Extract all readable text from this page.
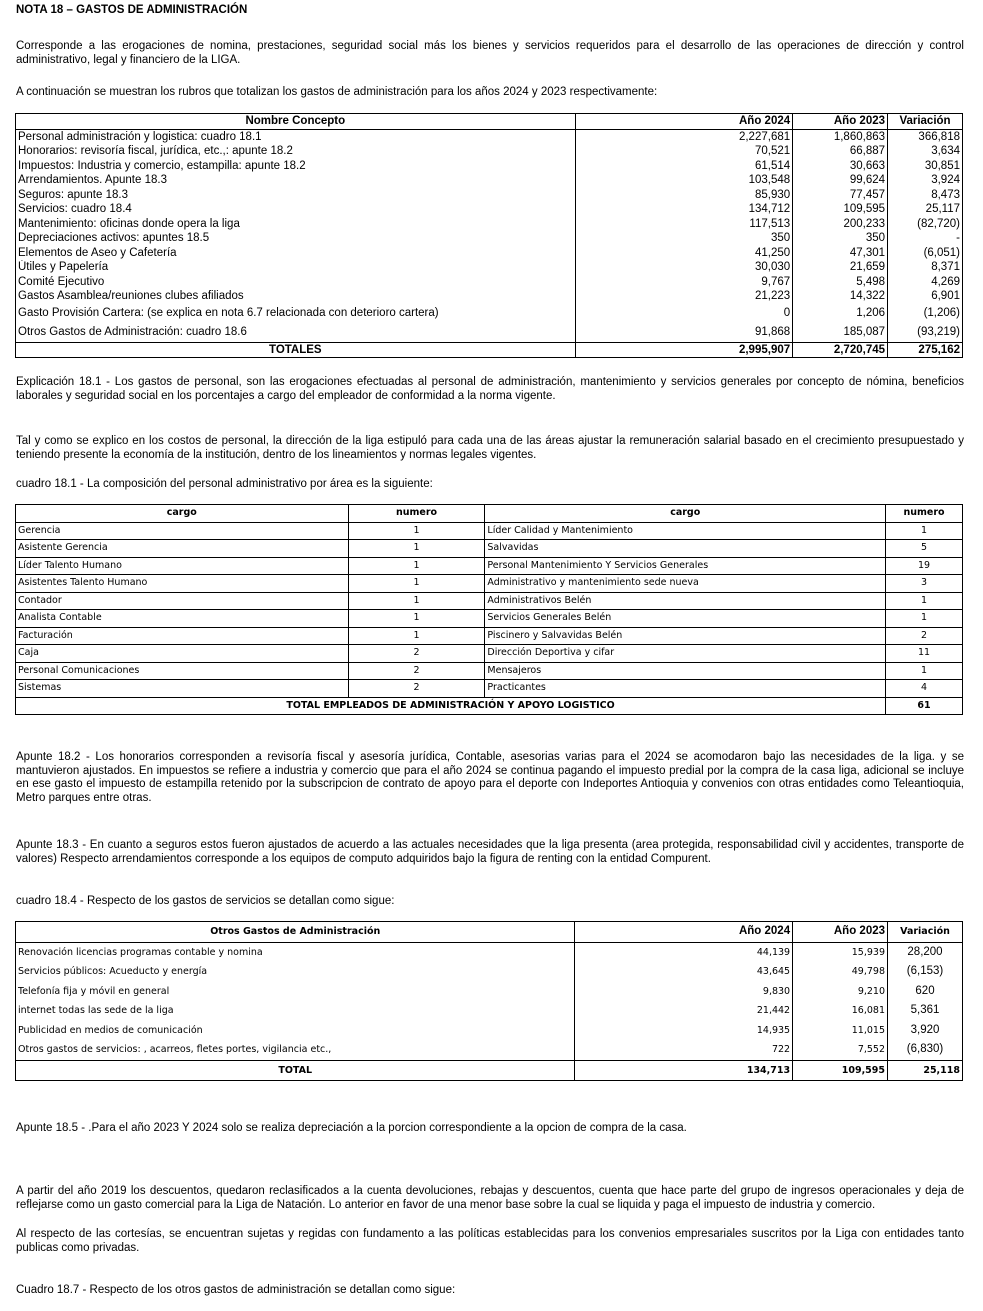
NOTA 18 – GASTOS DE ADMINISTRACIÓN
Corresponde a las erogaciones de nomina, prestaciones, seguridad social más los bienes y servicios requeridos para el desarrollo de las operaciones de dirección y control administrativo, legal y financiero de la LIGA.
A continuación se muestran los rubros que totalizan los gastos de administración para los años 2024 y 2023 respectivamente:
Nombre Concepto	Año 2024	Año 2023	Variación
Personal administración y logistica: cuadro 18.1	2,227,681	1,860,863	366,818
Honorarios: revisoría fiscal, jurídica, etc.,: apunte 18.2	70,521	66,887	3,634
Impuestos: Industria y comercio, estampilla: apunte 18.2	61,514	30,663	30,851
Arrendamientos. Apunte 18.3	103,548	99,624	3,924
Seguros: apunte 18.3	85,930	77,457	8,473
Servicios: cuadro 18.4	134,712	109,595	25,117
Mantenimiento: oficinas donde opera la liga	117,513	200,233	(82,720)
Depreciaciones activos: apuntes 18.5	350	350	-
Elementos de Aseo y Cafetería	41,250	47,301	(6,051)
Útiles y Papelería	30,030	21,659	8,371
Comité Ejecutivo	9,767	5,498	4,269
Gastos Asamblea/reuniones clubes afiliados	21,223	14,322	6,901
Gasto Provisión Cartera: (se explica en nota 6.7 relacionada con deterioro cartera)	0	1,206	(1,206)
Otros Gastos de Administración: cuadro 18.6	91,868	185,087	(93,219)
TOTALES	2,995,907	2,720,745	275,162
Explicación 18.1 - Los gastos de personal, son las erogaciones efectuadas al personal de administración, mantenimiento y servicios generales por concepto de nómina, beneficios laborales y seguridad social en los porcentajes a cargo del empleador de conformidad a la norma vigente.
Tal y como se explico en los costos de personal, la dirección de la liga estipuló para cada una de las áreas ajustar la remuneración salarial basado en el crecimiento presupuestado y teniendo presente la economía de la institución, dentro de los lineamientos y normas legales vigentes.
cuadro 18.1 - La composición del personal administrativo por área es la siguiente:
cargo	numero	cargo	numero
Gerencia	1	Líder Calidad y Mantenimiento	1
Asistente Gerencia	1	Salvavidas	5
Líder Talento Humano	1	Personal Mantenimiento Y Servicios Generales	19
Asistentes Talento Humano	1	Administrativo y mantenimiento sede nueva	3
Contador	1	Administrativos Belén	1
Analista Contable	1	Servicios Generales Belén	1
Facturación	1	Piscinero y Salvavidas Belén	2
Caja	2	Dirección Deportiva y cifar	11
Personal Comunicaciones	2	Mensajeros	1
Sistemas	2	Practicantes	4
TOTAL EMPLEADOS DE ADMINISTRACIÓN Y APOYO LOGISTICO			61
Apunte 18.2 - Los honorarios corresponden a revisoría fiscal y asesoría jurídica, Contable, asesorias varias para el 2024 se acomodaron bajo las necesidades de la liga. y se mantuvieron ajustados. En impuestos se refiere a industria y comercio que para el año 2024 se continua pagando el impuesto predial por la compra de la casa liga, adicional se incluye en ese gasto el impuesto de estampilla retenido por la subscripcion de contrato de apoyo para el deporte con Indeportes Antioquia y convenios con otras entidades como Teleantioquia, Metro parques entre otras.
Apunte 18.3 - En cuanto a seguros estos fueron ajustados de acuerdo a las actuales necesidades que la liga presenta (area protegida, responsabilidad civil y accidentes, transporte de valores) Respecto arrendamientos corresponde a los equipos de computo adquiridos bajo la figura de renting con la entidad Compurent.
cuadro 18.4 - Respecto de los gastos de servicios se detallan como sigue:
Otros Gastos de Administración	Año 2024	Año 2023	Variación
Renovación licencias programas contable y nomina	44,139	15,939	28,200
Servicios públicos: Acueducto y energía	43,645	49,798	(6,153)
Telefonía fija y móvil en general	9,830	9,210	620
internet todas las sede de la liga	21,442	16,081	5,361
Publicidad en medios de comunicación	14,935	11,015	3,920
Otros gastos de servicios: , acarreos, fletes portes, vigilancia etc.,	722	7,552	(6,830)
TOTAL	134,713	109,595	25,118
Apunte 18.5 - .Para el año 2023 Y 2024 solo se realiza depreciación a la porcion correspondiente a la opcion de compra de la casa.
A partir del año 2019 los descuentos, quedaron reclasificados a la cuenta devoluciones, rebajas y descuentos, cuenta que hace parte del grupo de ingresos operacionales y deja de reflejarse como un gasto comercial para la Liga de Natación. Lo anterior en favor de una menor base sobre la cual se liquida y paga el impuesto de industria y comercio.
Al respecto de las cortesías, se encuentran sujetas y regidas con fundamento a las políticas establecidas para los convenios empresariales suscritos por la Liga con entidades tanto publicas como privadas.
Cuadro 18.7 - Respecto de los otros gastos de administración se detallan como sigue:
